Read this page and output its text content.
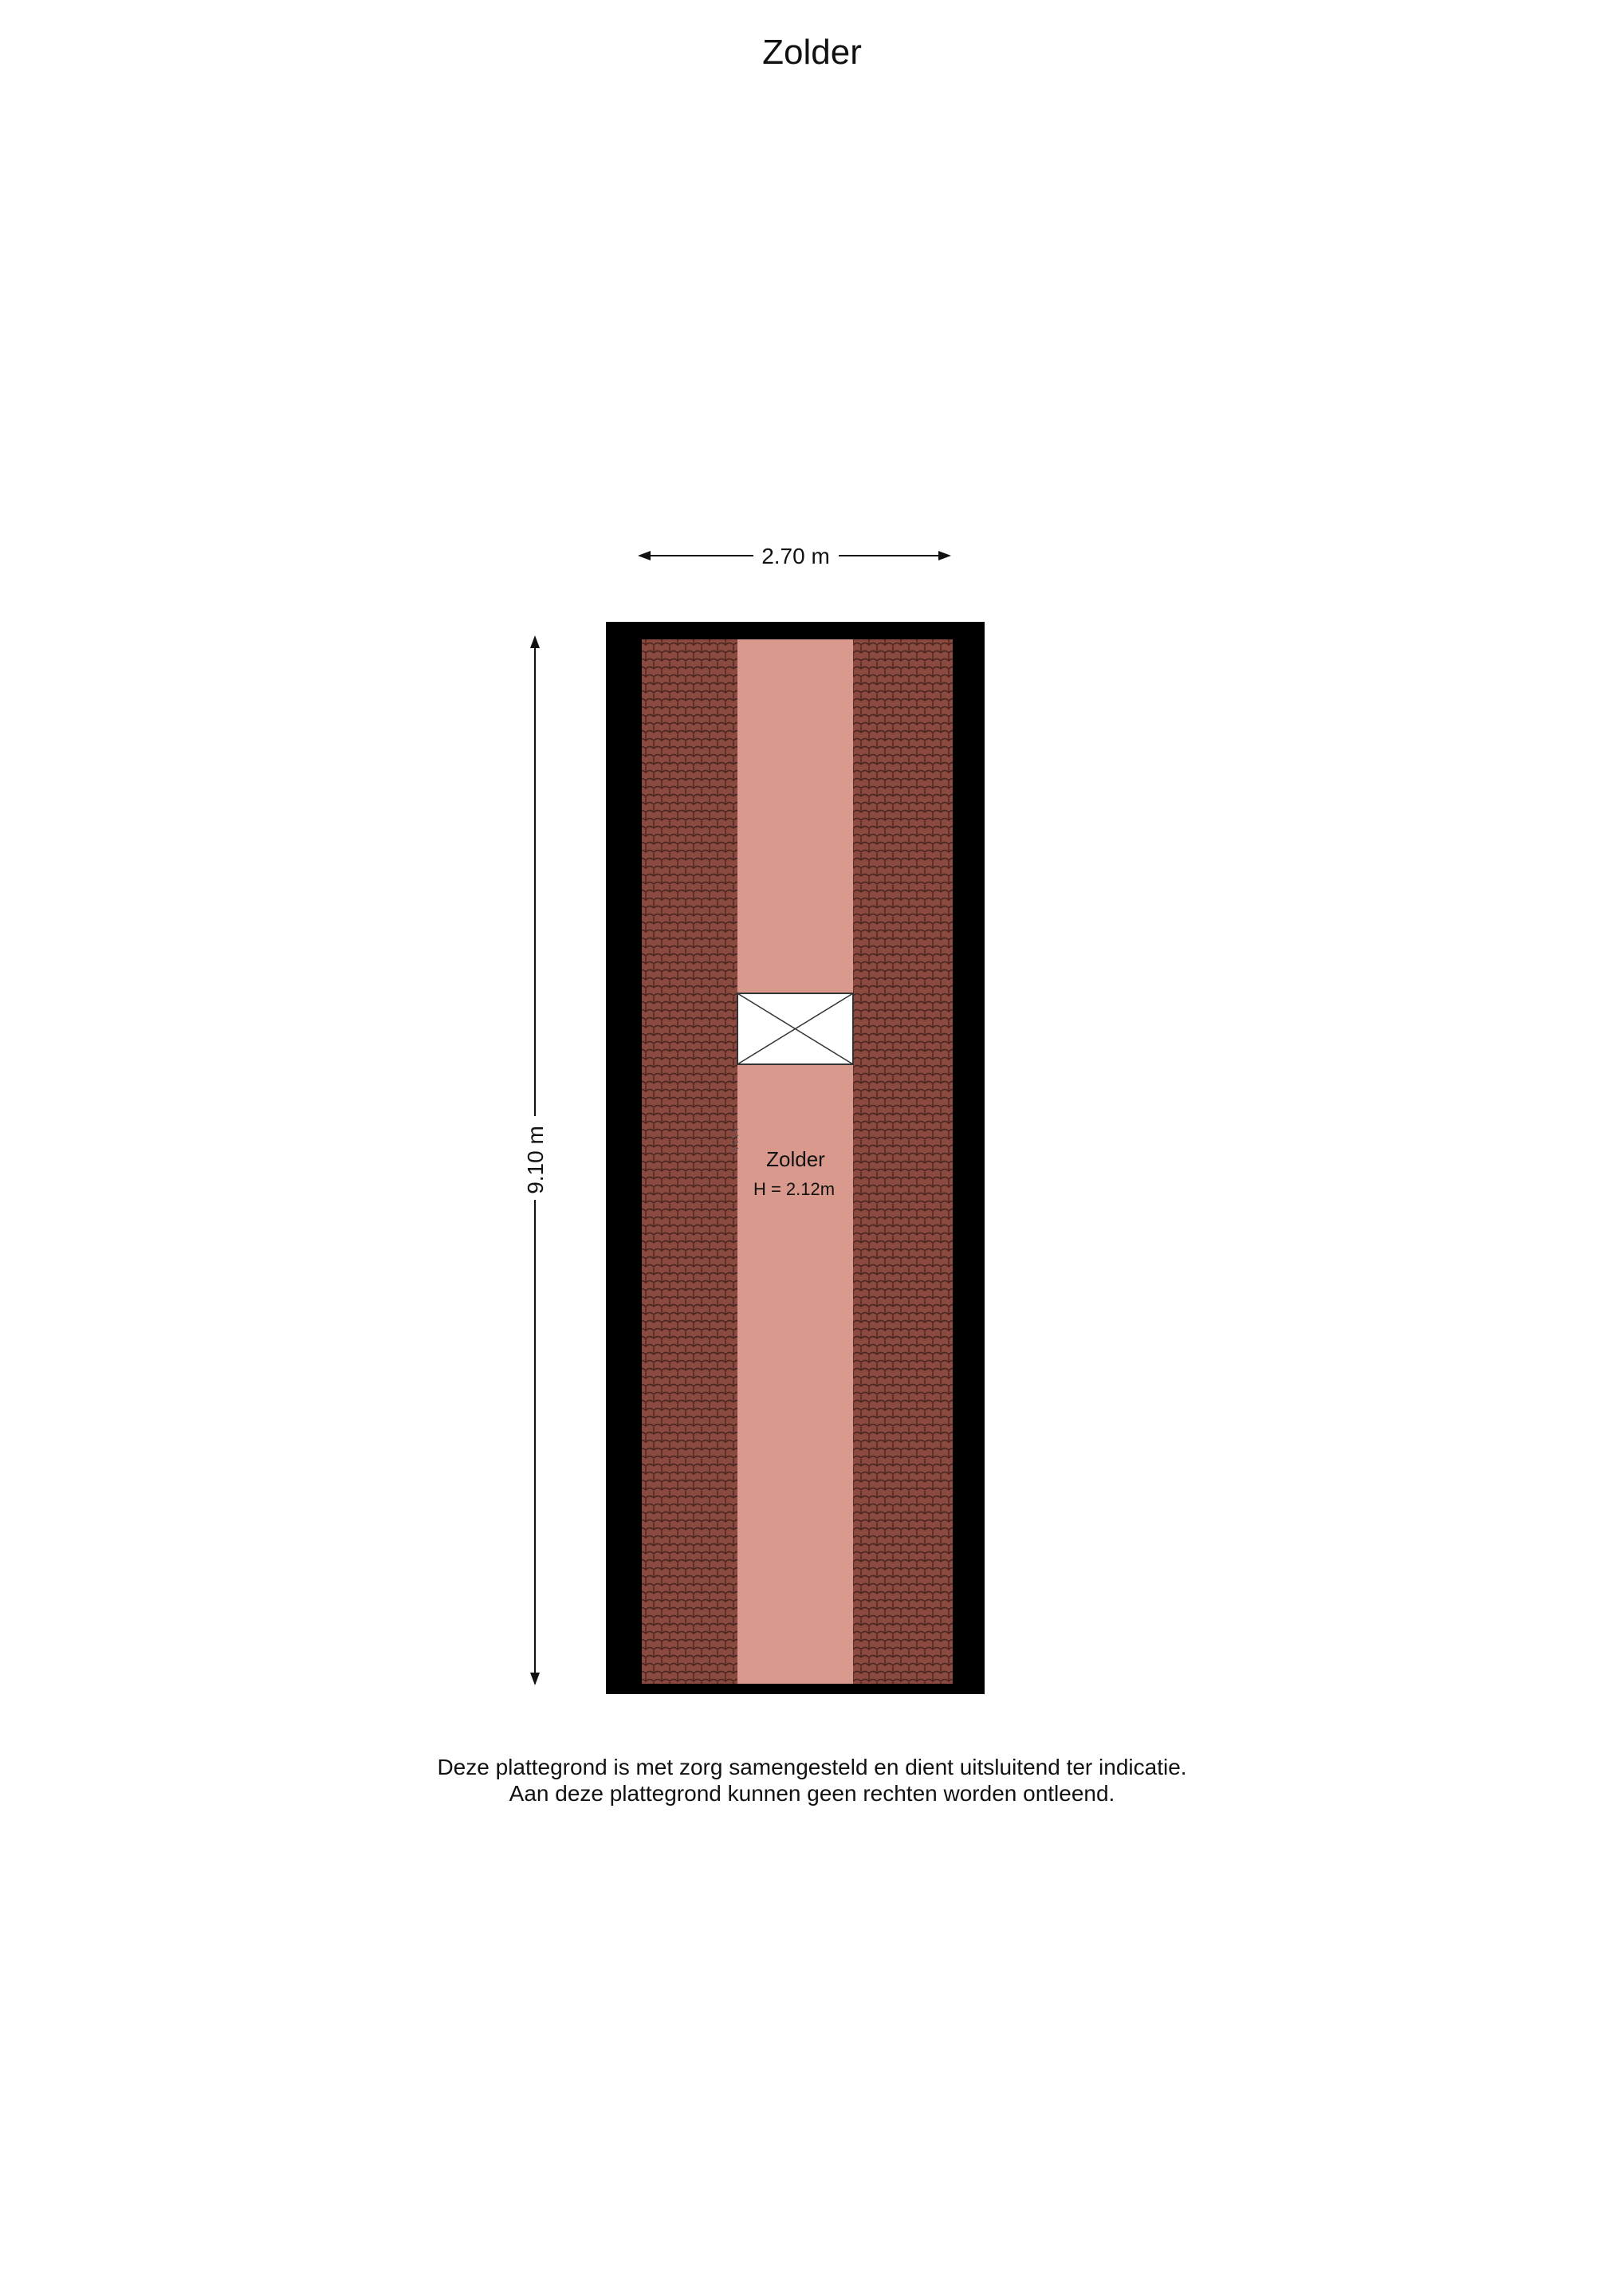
Zolder
2.70 m
9.10 m	Zolder
H = 2.12m
Deze plattegrond is met zorg samengesteld en dient uitsluitend ter indicatie.
Aan deze plattegrond kunnen geen rechten worden ontleend.
